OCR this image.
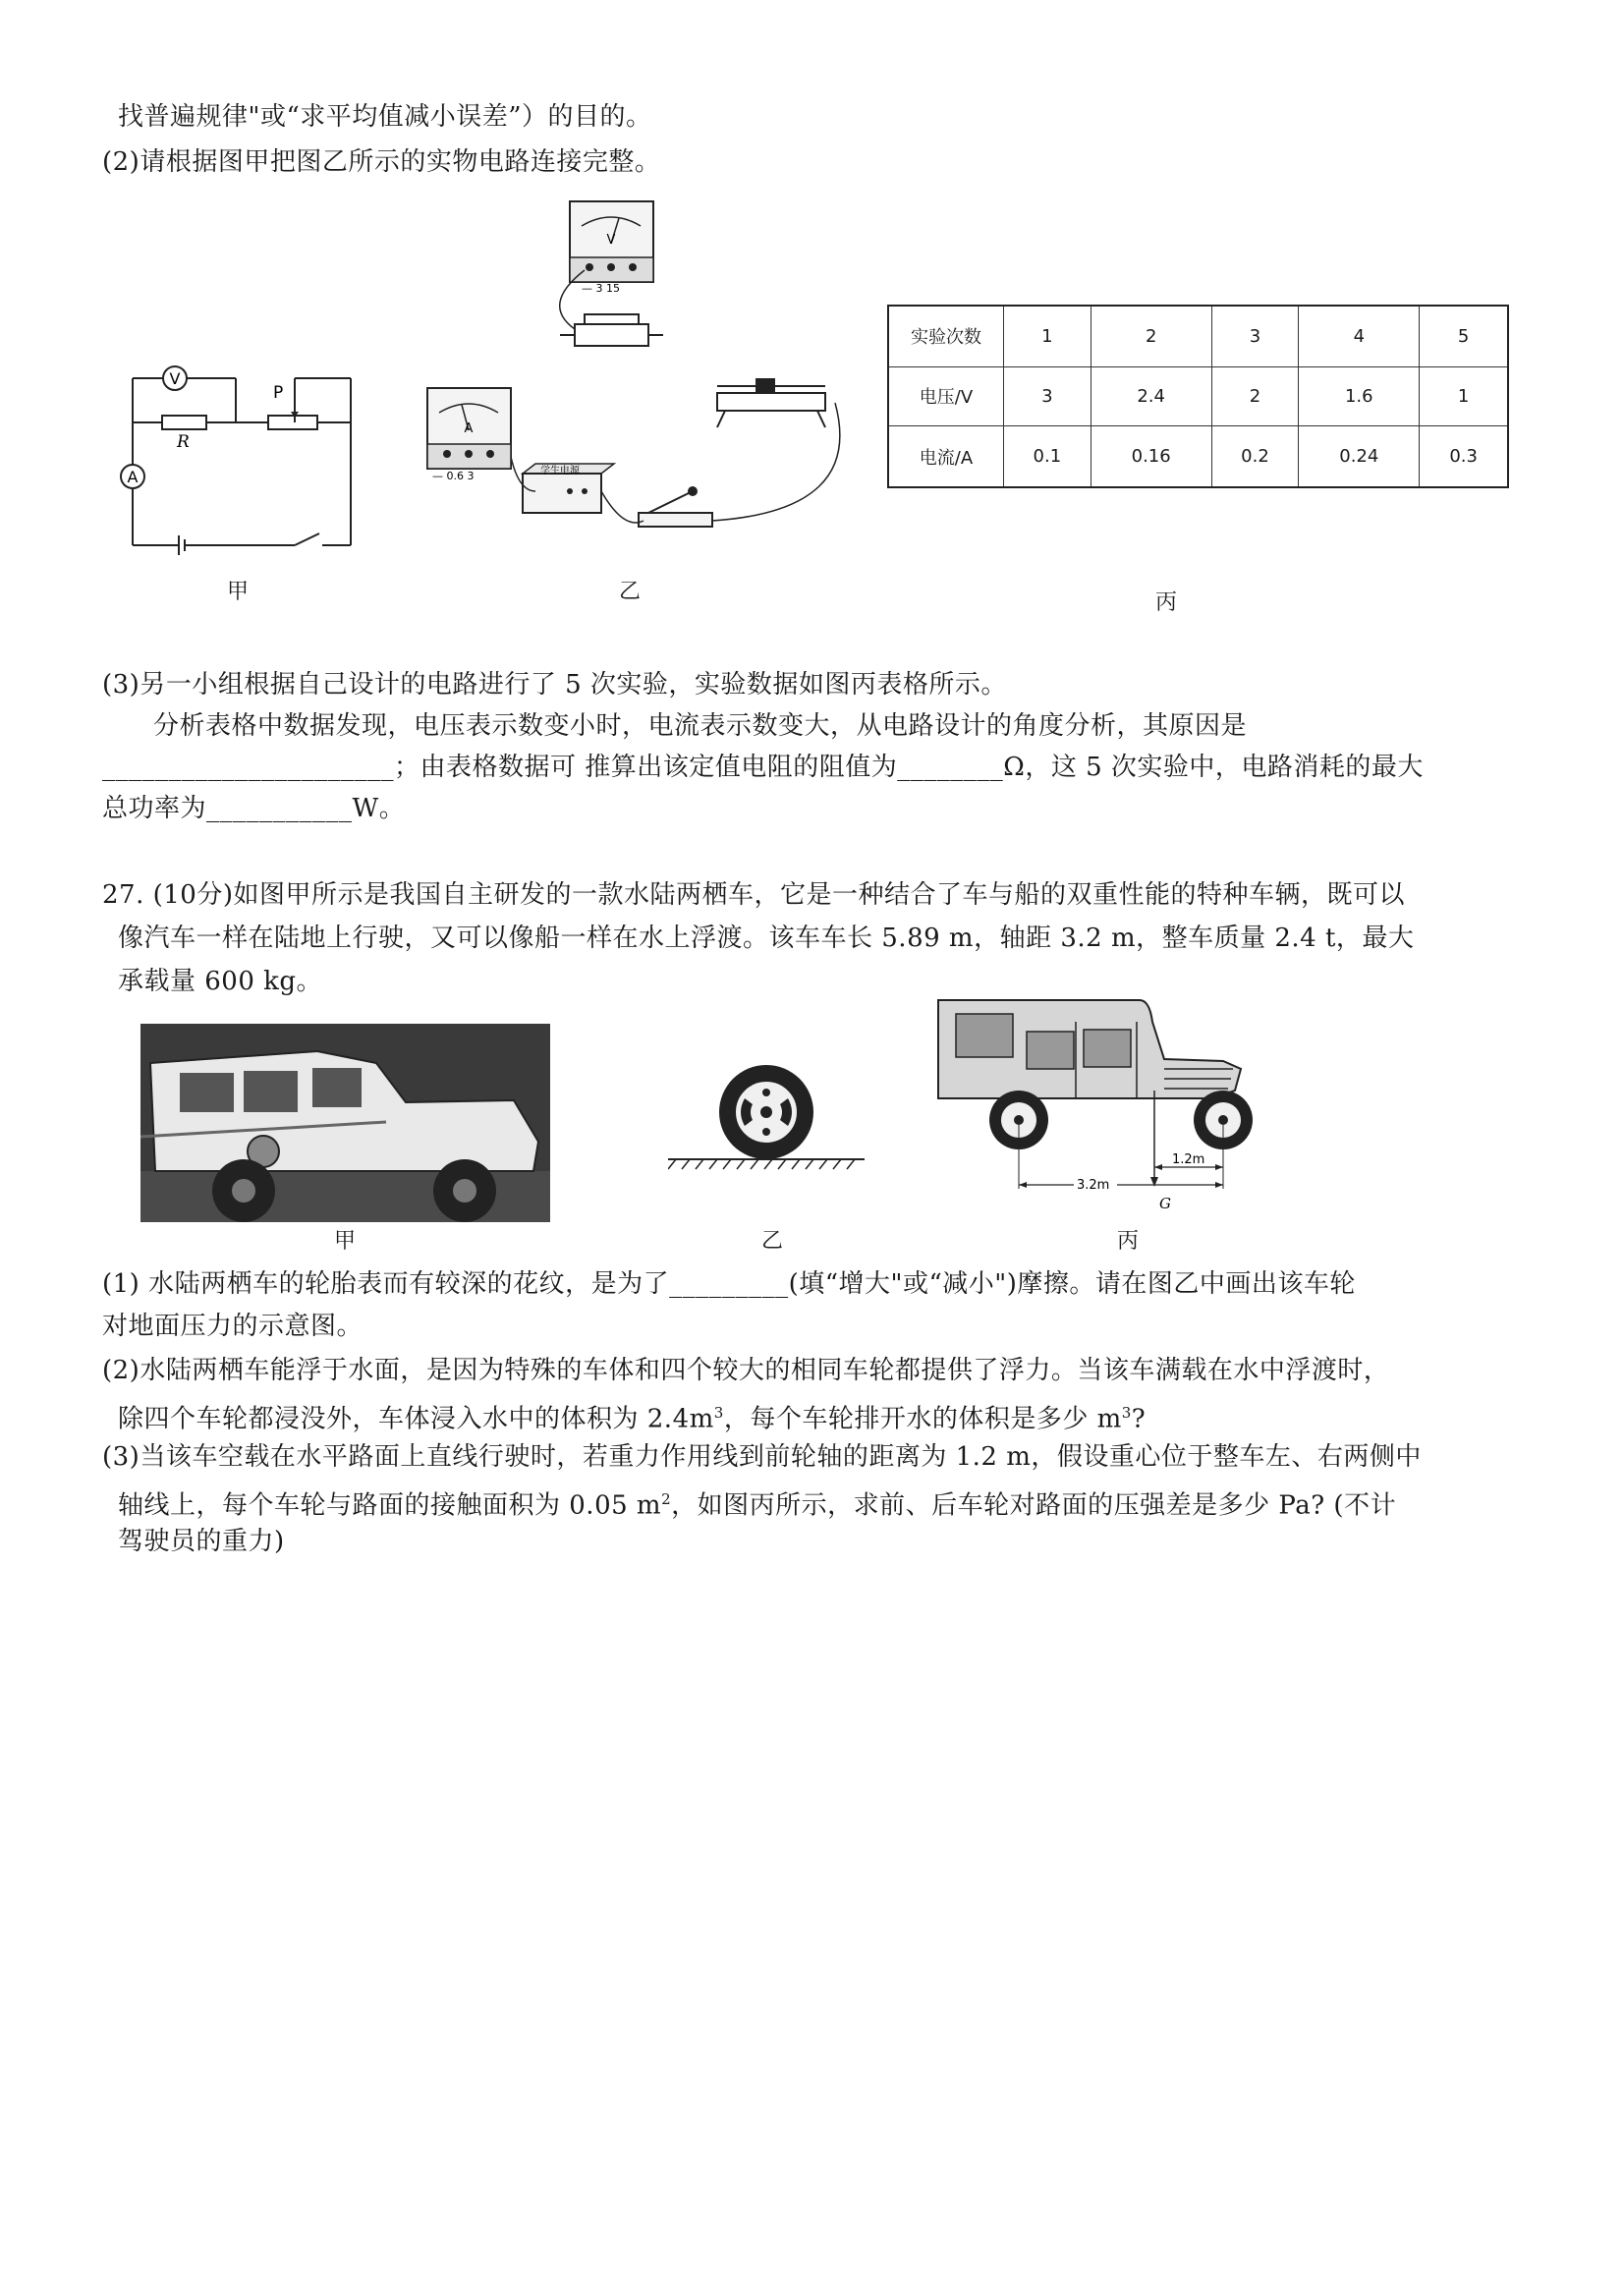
找普遍规律"或“求平均值减小误差”）的目的。
(2)请根据图甲把图乙所示的实物电路连接完整。
V
A
R
P
甲
V
— 3 15
A
— 0.6 3	学生电源
乙
实验次数	1	2	3	4	5
电压/V	3	2.4	2	1.6	1
电流/A	0.1	0.16	0.2	0.24	0.3
丙
(3)另一小组根据自己设计的电路进行了 5 次实验，实验数据如图丙表格所示。
分析表格中数据发现，电压表示数变小时，电流表示数变大，从电路设计的角度分析，其原因是
______________________；由表格数据可 推算出该定值电阻的阻值为________Ω，这 5 次实验中，电路消耗的最大
总功率为___________W。
27. (10分)如图甲所示是我国自主研发的一款水陆两栖车，它是一种结合了车与船的双重性能的特种车辆，既可以
像汽车一样在陆地上行驶，又可以像船一样在水上浮渡。该车车长 5.89 m，轴距 3.2 m，整车质量 2.4 t，最大
承载量 600 kg。
甲	乙
1.2m
3.2m
G
丙
(1) 水陆两栖车的轮胎表而有较深的花纹，是为了_________(填“增大"或“减小")摩擦。请在图乙中画出该车轮
对地面压力的示意图。
(2)水陆两栖车能浮于水面，是因为特殊的车体和四个较大的相同车轮都提供了浮力。当该车满载在水中浮渡时，
除四个车轮都浸没外，车体浸入水中的体积为 $2.4m^3$，每个车轮排开水的体积是多少 $m^3$?
(3)当该车空载在水平路面上直线行驶时，若重力作用线到前轮轴的距离为 1.2 m，假设重心位于整车左、右两侧中
轴线上，每个车轮与路面的接触面积为 0.05 $m^2$，如图丙所示，求前、后车轮对路面的压强差是多少 Pa? (不计
驾驶员的重力)
